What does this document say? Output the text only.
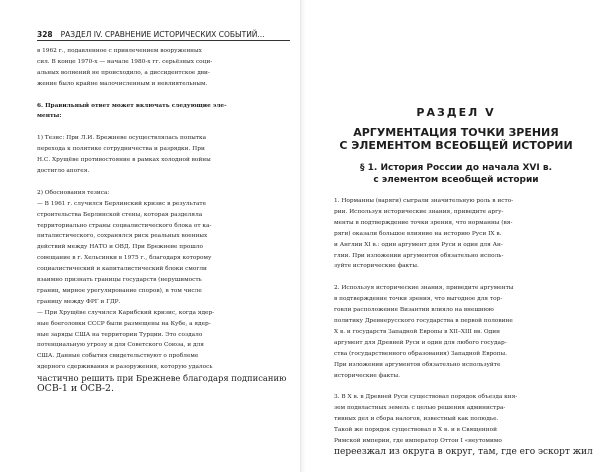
328 РАЗДЕЛ IV. СРАВНЕНИЕ ИСТОРИЧЕСКИХ СОБЫТИЙ...
в 1962 г., подавленное с привлечением вооруженных
сил. В конце 1970-х — начале 1980-х гг. серьёзных соци-
альных волнений не происходило, а диссидентское дви-
жение было крайне малочисленным и невлиятельным.

6. Правильный ответ может включать следующие эле-
менты:

1) Тезис: При Л.И. Брежневе осуществлялась попытка
перехода к политике сотрудничества и разрядки. При
Н.С. Хрущёве противостояние в рамках холодной войны
достигло апогея.

2) Обоснования тезиса:
— В 1961 г. случился Берлинский кризис в результате
строительства Берлинской стены, которая разделяла
территориально страны социалистического блока от ка-
питалистического, сохранялся риск реальных военных
действий между НАТО и ОВД. При Брежневе прошло
совещание в г. Хельсинки в 1975 г., благодаря которому
социалистический и капиталистический блоки смогли
взаимно признать границы государств (нерушимость
границ, мирное урегулирование споров), в том числе
границу между ФРГ и ГДР.
— При Хрущёве случился Карибский кризис, когда ядер-
ные боеголовки СССР были размещены на Кубе, а ядер-
ные заряды США на территории Турции. Это создало
потенциальную угрозу и для Советского Союза, и для
США. Данные события свидетельствуют о проблеме
ядерного сдерживания и разоружения, которую удалось
частично решить при Брежневе благодаря подписанию
ОСВ-1 и ОСВ-2.
РАЗДЕЛ V
АРГУМЕНТАЦИЯ ТОЧКИ ЗРЕНИЯ
С ЭЛЕМЕНТОМ ВСЕОБЩЕЙ ИСТОРИИ
§ 1. История России до начала XVI в.
с элементом всеобщей истории
1. Норманны (варяги) сыграли значительную роль в исто-
рии. Используя исторические знания, приведите аргу-
менты в подтверждение точки зрения, что норманны (вя-
ряги) оказали большое влияние на историю Руси IX в.
и Англии XI в.: один аргумент для Руси и один для Ан-
глии. При изложении аргументов обязательно исполь-
зуйте исторические факты.

2. Используя исторические знания, приведите аргументы
в подтверждение точки зрения, что выгодное для тор-
говли расположение Византии влияло на внешнюю
политику Древнерусского государства в первой половине
X в. и государств Западной Европы в XII–XIII вв. Один
аргумент для Древней Руси и один для любого государ-
ства (государственного образования) Западной Европы.
При изложении аргументов обязательно используйте
исторические факты.

3. В X в. в Древней Руси существовал порядок объезда кня-
зем подвластных земель с целью решения администра-
тивных дел и сбора налогов, известный как полюдье.
Такой же порядок существовал в X в. и в Священной
Римской империи, где император Оттон I «неутомимо
переезжал из округа в округ, там, где его эскорт жил
